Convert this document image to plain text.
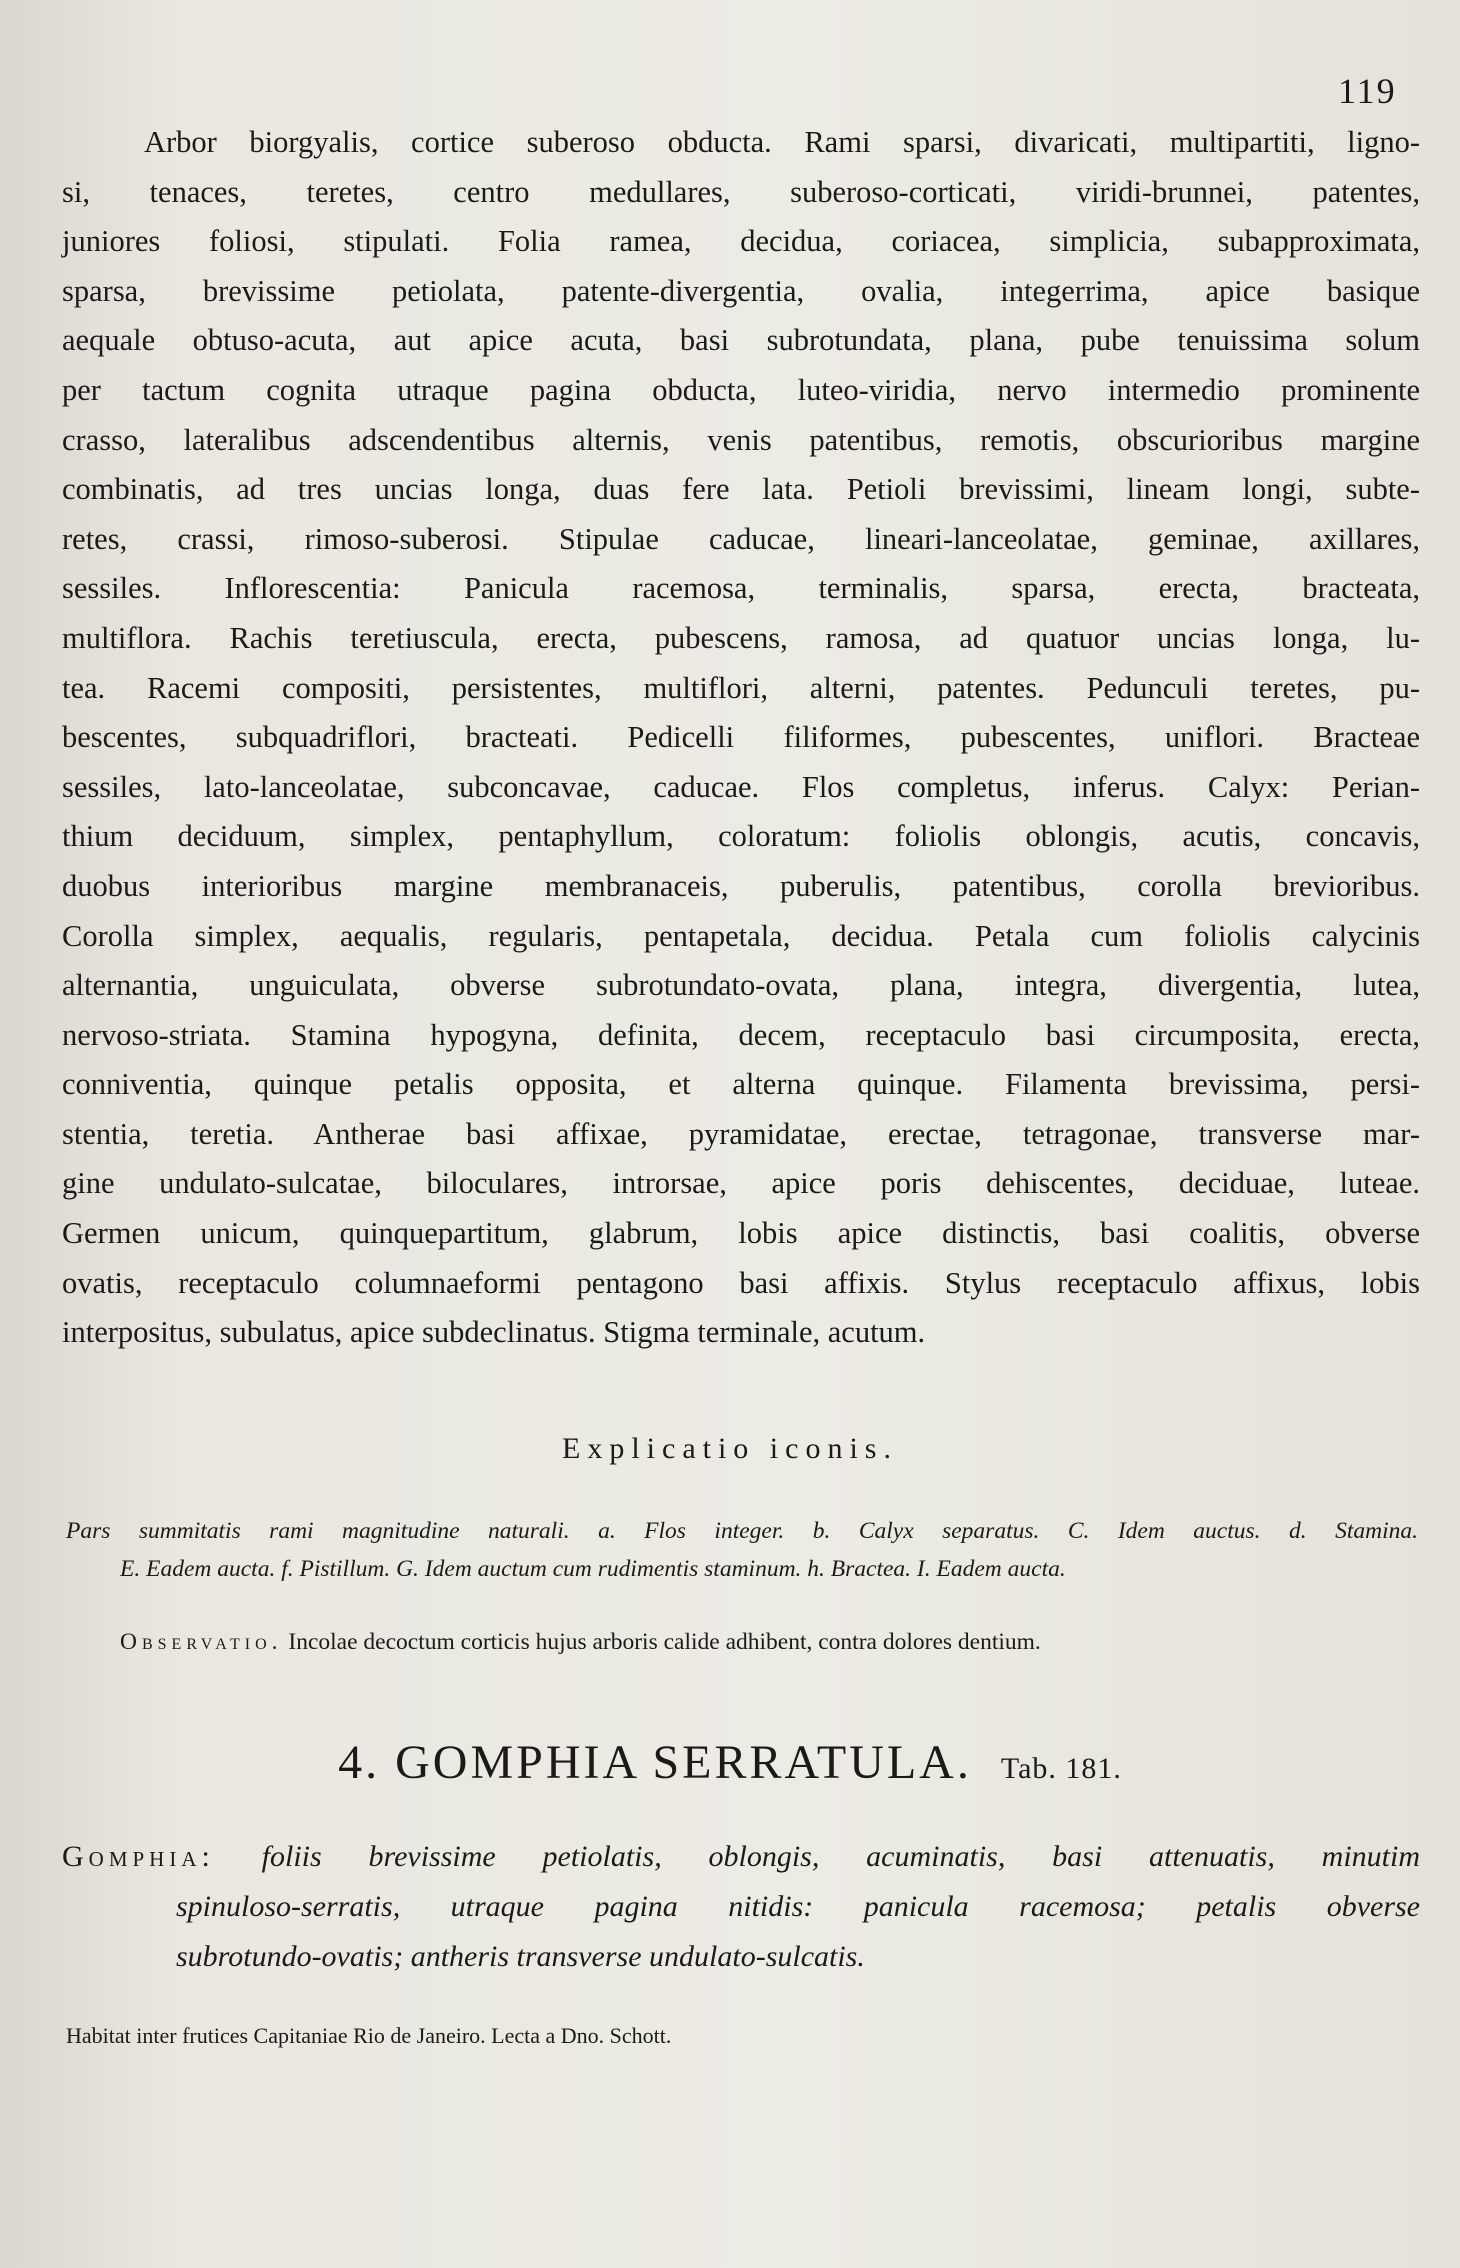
119
Arbor biorgyalis, cortice suberoso obducta. Rami sparsi, divaricati, multipartiti, ligno-
si, tenaces, teretes, centro medullares, suberoso-corticati, viridi-brunnei, patentes,
juniores foliosi, stipulati. Folia ramea, decidua, coriacea, simplicia, subapproximata,
sparsa, brevissime petiolata, patente-divergentia, ovalia, integerrima, apice basique
aequale obtuso-acuta, aut apice acuta, basi subrotundata, plana, pube tenuissima solum
per tactum cognita utraque pagina obducta, luteo-viridia, nervo intermedio prominente
crasso, lateralibus adscendentibus alternis, venis patentibus, remotis, obscurioribus margine
combinatis, ad tres uncias longa, duas fere lata. Petioli brevissimi, lineam longi, subte-
retes, crassi, rimoso-suberosi. Stipulae caducae, lineari-lanceolatae, geminae, axillares,
sessiles. Inflorescentia: Panicula racemosa, terminalis, sparsa, erecta, bracteata,
multiflora. Rachis teretiuscula, erecta, pubescens, ramosa, ad quatuor uncias longa, lu-
tea. Racemi compositi, persistentes, multiflori, alterni, patentes. Pedunculi teretes, pu-
bescentes, subquadriflori, bracteati. Pedicelli filiformes, pubescentes, uniflori. Bracteae
sessiles, lato-lanceolatae, subconcavae, caducae. Flos completus, inferus. Calyx: Perian-
thium deciduum, simplex, pentaphyllum, coloratum: foliolis oblongis, acutis, concavis,
duobus interioribus margine membranaceis, puberulis, patentibus, corolla brevioribus.
Corolla simplex, aequalis, regularis, pentapetala, decidua. Petala cum foliolis calycinis
alternantia, unguiculata, obverse subrotundato-ovata, plana, integra, divergentia, lutea,
nervoso-striata. Stamina hypogyna, definita, decem, receptaculo basi circumposita, erecta,
conniventia, quinque petalis opposita, et alterna quinque. Filamenta brevissima, persi-
stentia, teretia. Antherae basi affixae, pyramidatae, erectae, tetragonae, transverse mar-
gine undulato-sulcatae, biloculares, introrsae, apice poris dehiscentes, deciduae, luteae.
Germen unicum, quinquepartitum, glabrum, lobis apice distinctis, basi coalitis, obverse
ovatis, receptaculo columnaeformi pentagono basi affixis. Stylus receptaculo affixus, lobis
interpositus, subulatus, apice subdeclinatus. Stigma terminale, acutum.
Explicatio iconis.
Pars summitatis rami magnitudine naturali. a. Flos integer. b. Calyx separatus. C. Idem auctus. d. Stamina.
E. Eadem aucta. f. Pistillum. G. Idem auctum cum rudimentis staminum. h. Bractea. I. Eadem aucta.
Observatio. Incolae decoctum corticis hujus arboris calide adhibent, contra dolores dentium.
4. GOMPHIA SERRATULA. Tab. 181.
Gomphia: foliis brevissime petiolatis, oblongis, acuminatis, basi attenuatis, minutim
spinuloso-serratis, utraque pagina nitidis: panicula racemosa; petalis obverse
subrotundo-ovatis; antheris transverse undulato-sulcatis.
Habitat inter frutices Capitaniae Rio de Janeiro. Lecta a Dno. Schott.
